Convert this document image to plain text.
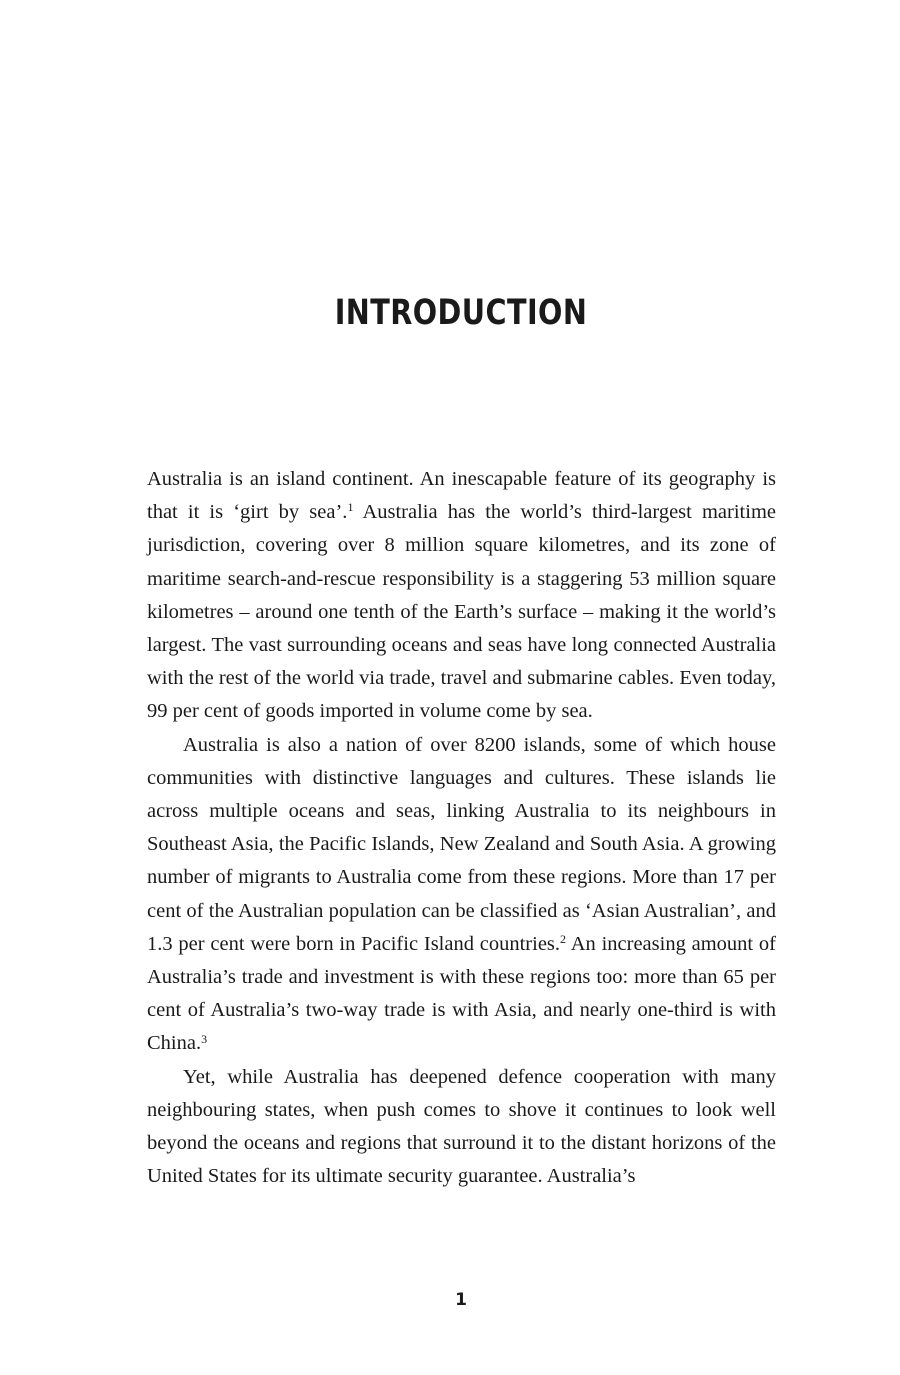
INTRODUCTION

Australia is an island continent. An inescapable feature of its geography is that it is ‘girt by sea’.$^1$ Australia has the world’s third-largest maritime jurisdiction, covering over 8 million square kilometres, and its zone of maritime search-and-rescue responsibility is a staggering 53 million square kilometres – around one tenth of the Earth’s surface – making it the world’s largest. The vast surrounding oceans and seas have long connected Australia with the rest of the world via trade, travel and submarine cables. Even today, 99 per cent of goods imported in volume come by sea.

Australia is also a nation of over 8200 islands, some of which house communities with distinctive languages and cultures. These islands lie across multiple oceans and seas, linking Australia to its neighbours in Southeast Asia, the Pacific Islands, New Zealand and South Asia. A growing number of migrants to Australia come from these regions. More than 17 per cent of the Australian population can be classified as ‘Asian Australian’, and 1.3 per cent were born in Pacific Island countries.$^2$ An increasing amount of Australia’s trade and investment is with these regions too: more than 65 per cent of Australia’s two-way trade is with Asia, and nearly one-third is with China.$^3$

Yet, while Australia has deepened defence cooperation with many neighbouring states, when push comes to shove it continues to look well beyond the oceans and regions that surround it to the distant horizons of the United States for its ultimate security guarantee. Australia’s

1
